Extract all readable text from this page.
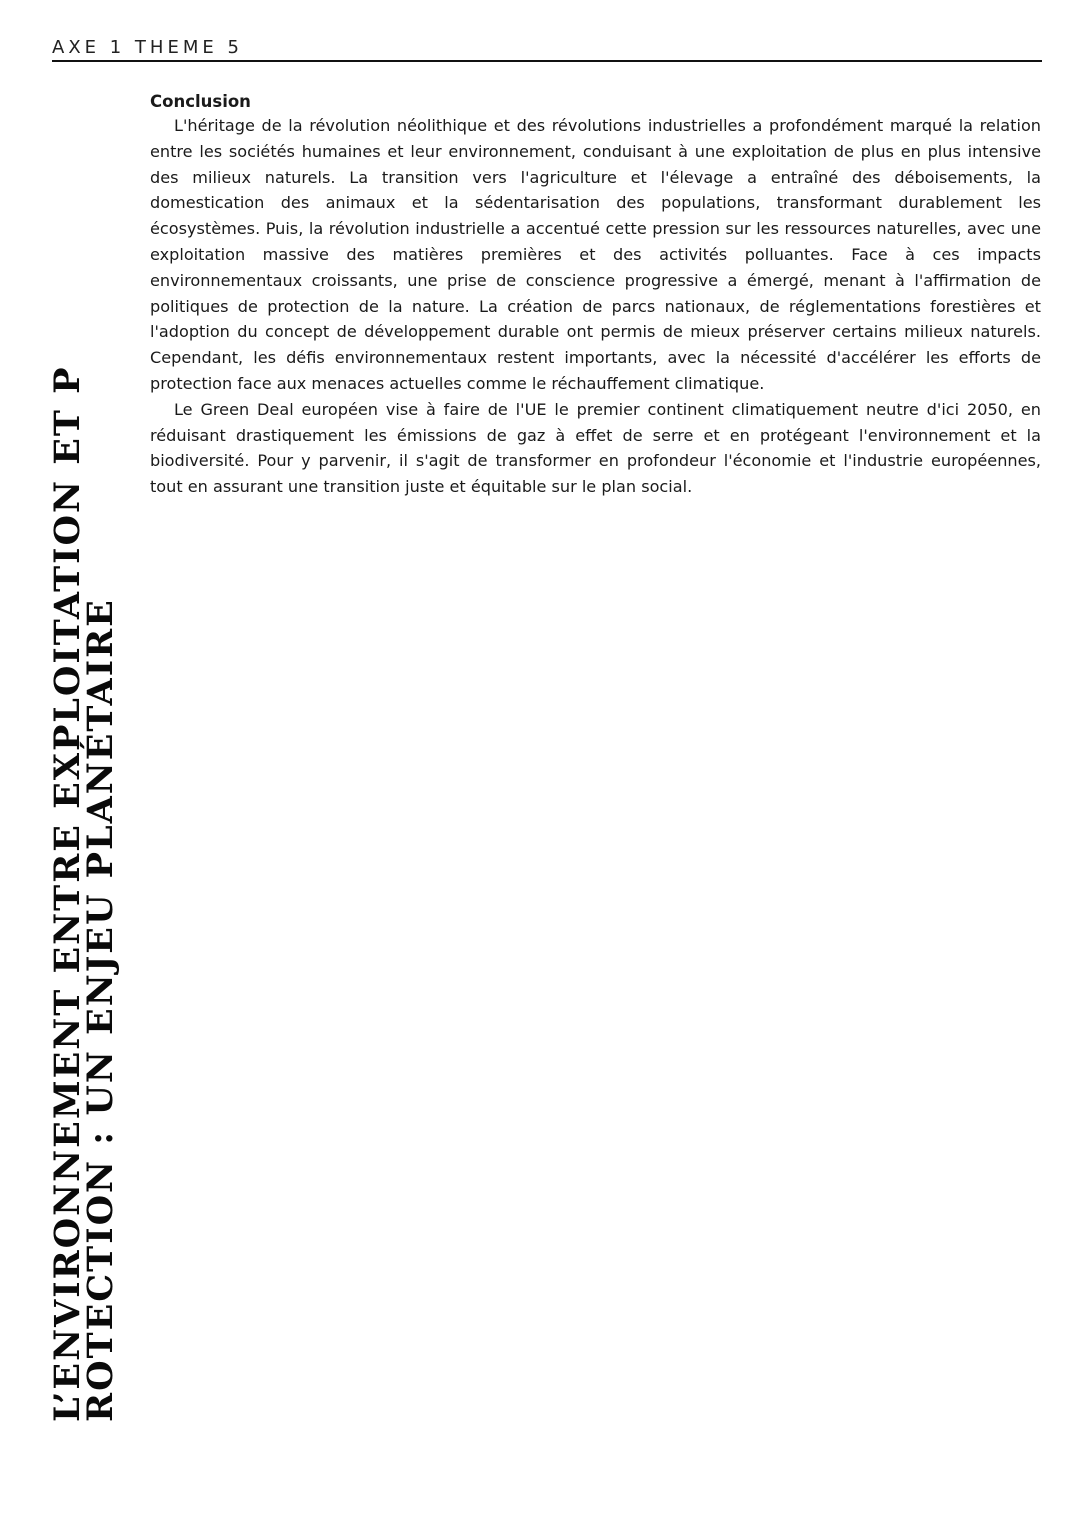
AXE 1 THEME 5
L’ENVIRONNEMENT ENTRE EXPLOITATION ET P
ROTECTION : UN ENJEU PLANÉTAIRE
Conclusion

L'héritage de la révolution néolithique et des révolutions industrielles a profondément marqué la relation entre les sociétés humaines et leur environnement, conduisant à une exploitation de plus en plus intensive des milieux naturels. La transition vers l'agriculture et l'élevage a entraîné des déboisements, la domestication des animaux et la sédentarisation des populations, transformant durablement les écosystèmes. Puis, la révolution industrielle a accentué cette pression sur les ressources naturelles, avec une exploitation massive des matières premières et des activités polluantes. Face à ces impacts environnementaux croissants, une prise de conscience progressive a émergé, menant à l'affirmation de politiques de protection de la nature. La création de parcs nationaux, de réglementations forestières et l'adoption du concept de développement durable ont permis de mieux préserver certains milieux naturels. Cependant, les défis environnementaux restent importants, avec la nécessité d'accélérer les efforts de protection face aux menaces actuelles comme le réchauffement climatique.

Le Green Deal européen vise à faire de l'UE le premier continent climatiquement neutre d'ici 2050, en réduisant drastiquement les émissions de gaz à effet de serre et en protégeant l'environnement et la biodiversité. Pour y parvenir, il s'agit de transformer en profondeur l'économie et l'industrie européennes, tout en assurant une transition juste et équitable sur le plan social.
